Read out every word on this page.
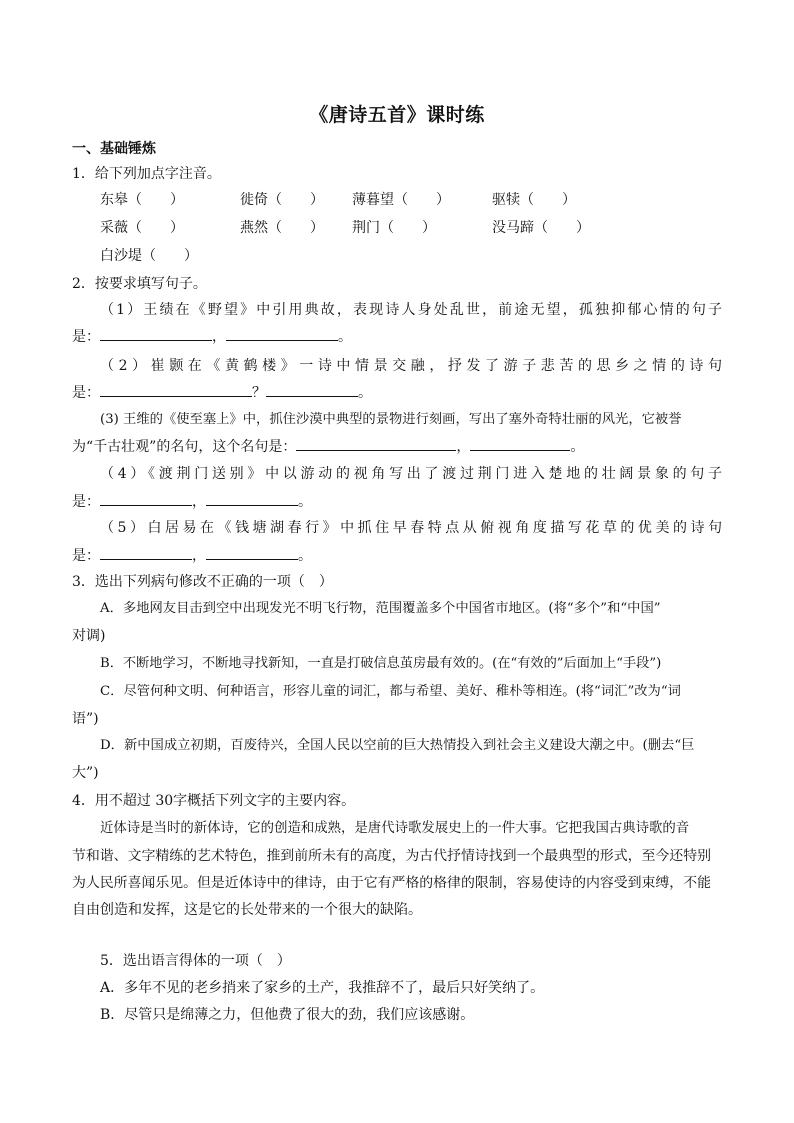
《唐诗五首》课时练
一、基础锤炼
1．给下列加点字注音。
东皋（　　）	徙倚（　　） 薄暮望（　　）	驱犊（　　）
采薇（　　）	燕然（　　） 荆门（　　）	没马蹄（　　）
白沙堤（　　）
2．按要求填写句子。
（1）王绩在《野望》中引用典故，表现诗人身处乱世，前途无望，孤独抑郁心情的句子
是：	，	。
（2）崔颢在《黄鹤楼》一诗中情景交融，抒发了游子悲苦的思乡之情的诗句
是：	？	。
(3) 王维的《使至塞上》中，抓住沙漠中典型的景物进行刻画，写出了塞外奇特壮丽的风光，它被誉
为“千古壮观”的名句，这个名句是：	，	。
（4）《渡荆门送别》中以游动的视角写出了渡过荆门进入楚地的壮阔景象的句子
是：	，	。
（5）白居易在《钱塘湖春行》中抓住早春特点从俯视角度描写花草的优美的诗句
是：	，	。
3．选出下列病句修改不正确的一项（　）
A．多地网友目击到空中出现发光不明飞行物，范围覆盖多个中国省市地区。(将“多个”和“中国”
对调)
B．不断地学习，不断地寻找新知，一直是打破信息茧房最有效的。(在“有效的”后面加上“手段”)
C．尽管何种文明、何种语言，形容儿童的词汇，都与希望、美好、稚朴等相连。(将“词汇”改为“词
语”)
D．新中国成立初期，百废待兴，全国人民以空前的巨大热情投入到社会主义建设大潮之中。(删去“巨
大”)
4．用不超过 30字概括下列文字的主要内容。
近体诗是当时的新体诗，它的创造和成熟，是唐代诗歌发展史上的一件大事。它把我国古典诗歌的音
节和谐、文字精练的艺术特色，推到前所未有的高度，为古代抒情诗找到一个最典型的形式，至今还特别
为人民所喜闻乐见。但是近体诗中的律诗，由于它有严格的格律的限制，容易使诗的内容受到束缚，不能
自由创造和发挥，这是它的长处带来的一个很大的缺陷。
5．选出语言得体的一项（　）
A．多年不见的老乡捎来了家乡的土产，我推辞不了，最后只好笑纳了。
B．尽管只是绵薄之力，但他费了很大的劲，我们应该感谢。
